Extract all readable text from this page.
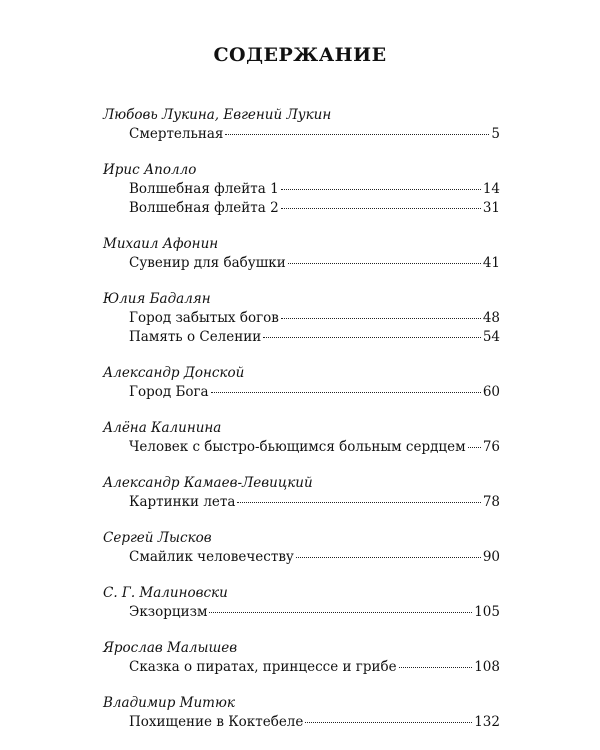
СОДЕРЖАНИЕ
Любовь Лукина, Евгений Лукин
Смертельная	5
Ирис Аполло
Волшебная флейта 1	14
Волшебная флейта 2	31
Михаил Афонин
Сувенир для бабушки	41
Юлия Бадалян
Город забытых богов	48
Память о Селении	54
Александр Донской
Город Бога	60
Алёна Калинина
Человек с быстро-бьющимся больным сердцем 76
Александр Камаев-Левицкий
Картинки лета	78
Сергей Лысков
Смайлик человечеству	90
С. Г. Малиновски
Экзорцизм	105
Ярослав Малышев
Сказка о пиратах, принцессе и грибе	108
Владимир Митюк
Похищение в Коктебеле	132
